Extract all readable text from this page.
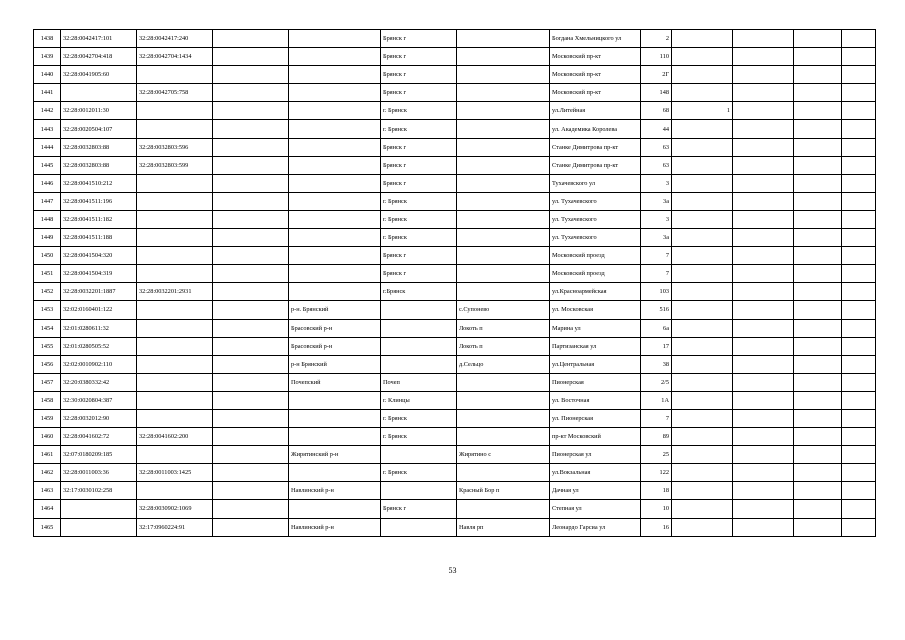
1438	32:28:0042417:101	32:28:0042417:240			Брянск г		Богдана Хмельницкого ул	2				
1439	32:28:0042704:418	32:28:0042704:1434			Брянск г		Московский пр-кт	110				
1440	32:28:0041905:60				Брянск г		Московский пр-кт	2Г				
1441		32:28:0042705:758			Брянск г		Московский пр-кт	148				
1442	32:28:0012011:30				г. Брянск		ул.Литейная	68	1			
1443	32:28:0020504:107				г. Брянск		ул. Академика Королева	44				
1444	32:28:0032803:88	32:28:0032803:596			Брянск г		Станке Димитрова пр-кт	63				
1445	32:28:0032803:88	32:28:0032803:599			Брянск г		Станке Димитрова пр-кт	63				
1446	32:28:0041510:212				Брянск г		Тухачевского ул	3				
1447	32:28:0041511:196				г. Брянск		ул. Тухачевского	3а				
1448	32:28:0041511:182				г. Брянск		ул. Тухачевского	3				
1449	32:28:0041511:188				г. Брянск		ул. Тухачевского	3а				
1450	32:28:0041504:320				Брянск г		Московский проезд	7				
1451	32:28:0041504:319				Брянск г		Московский проезд	7				
1452	32:28:0032201:1887	32:28:0032201:2931			г.Брянск		ул.Красноармейская	103				
1453	32:02:0160401:122			р-н. Брянский		с.Супонево	ул. Московская	516				
1454	32:01:0280611:32			Брасовский р-н		Локоть п	Марина ул	6а				
1455	32:01:0280505:52			Брасовский р-н		Локоть п	Партизанская ул	17				
1456	32:02:0010902:110			р-н Брянский		д.Сельцо	ул.Центральная	38				
1457	32:20:0380332:42			Почепский	Почеп		Пионерская	2/5				
1458	32:30:0020804:387				г. Клинцы		ул. Восточная	1А				
1459	32:28:0032012:90				г. Брянск		ул. Пионерская	7				
1460	32:28:0041602:72	32:28:0041602:200			г. Брянск		пр-кт Московский	89				
1461	32:07:0180209:185			Жирятинский р-н		Жирятино с	Пионерская ул	25				
1462	32:28:0011003:36	32:28:0011003:1425			г. Брянск		ул.Вокзальная	122				
1463	32:17:0030102:258			Навлинский р-н		Красный Бор п	Дачная ул	18				
1464		32:28:0030902:1069			Брянск г		Степная ул	10				
1465		32:17:0960224:91		Навлинский р-н		Навля рп	Леонардо Гарсиа ул	16				
53
